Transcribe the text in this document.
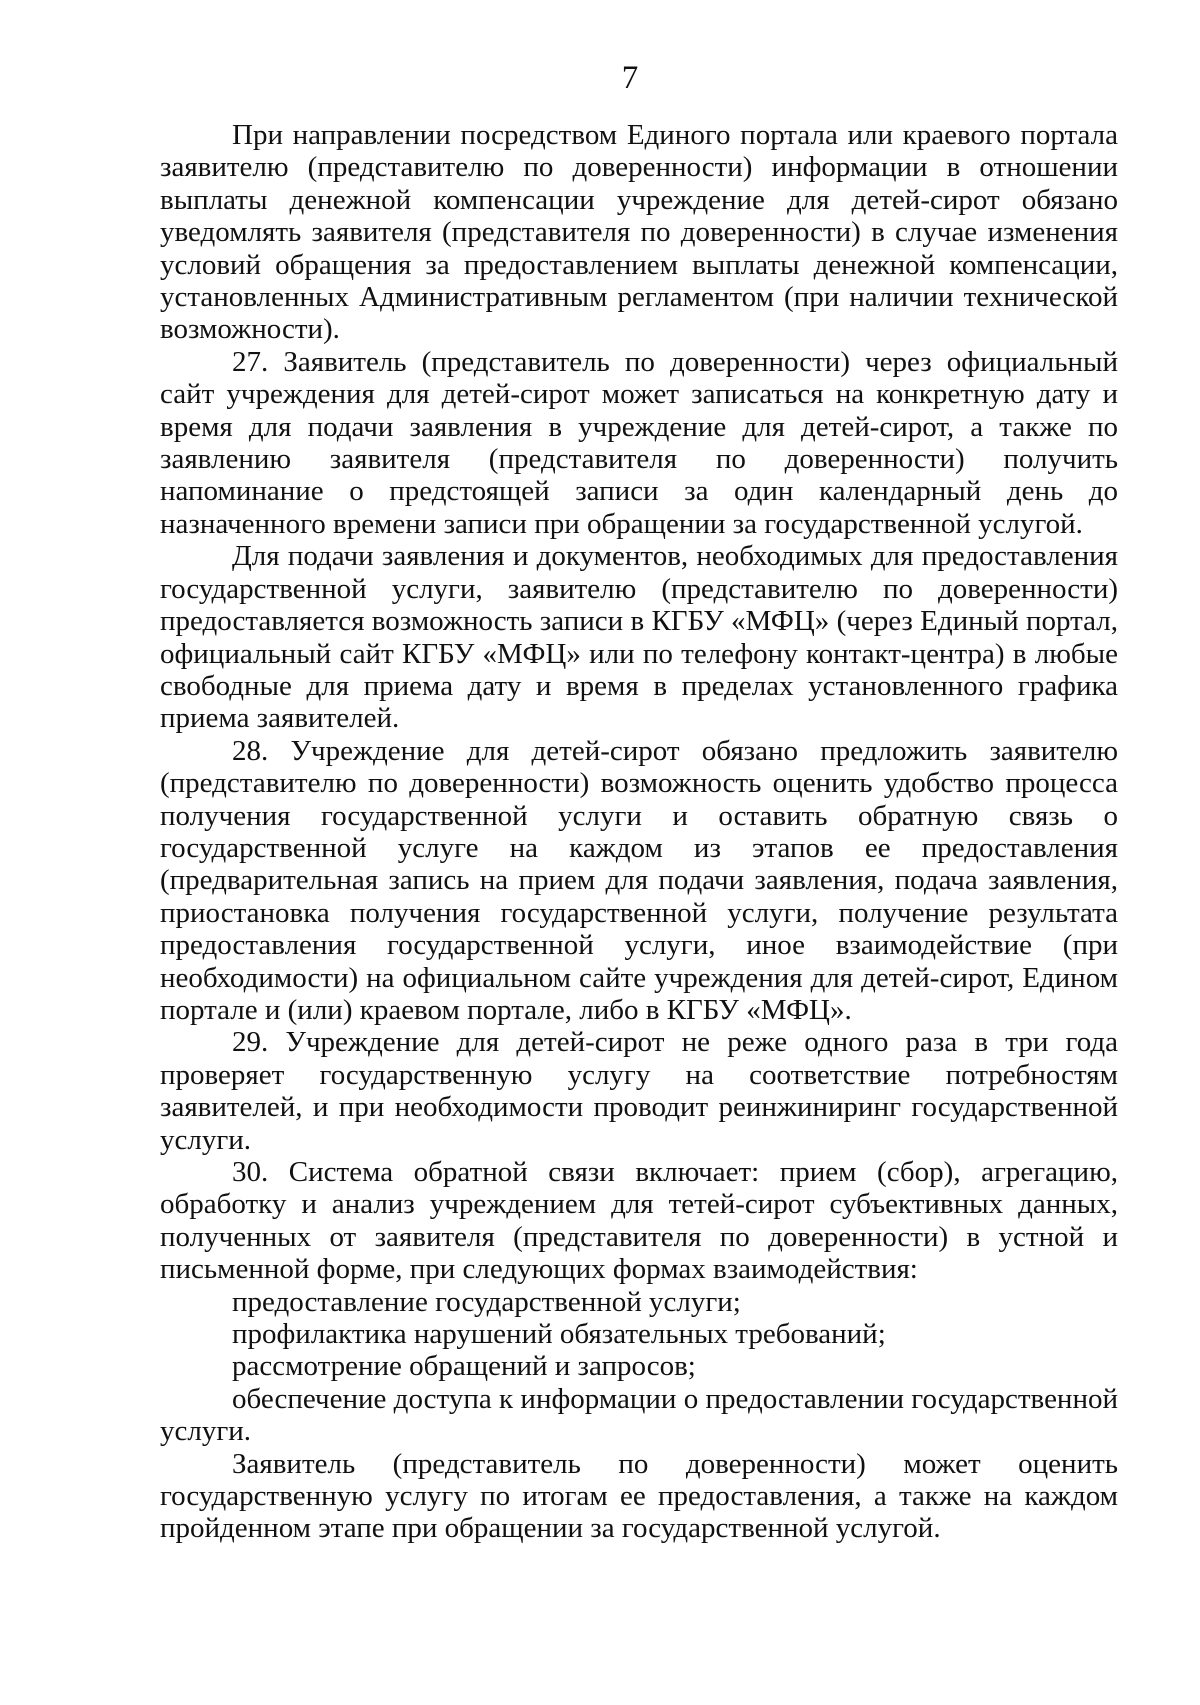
7

При направлении посредством Единого портала или краевого портала заявителю (представителю по доверенности) информации в отношении выплаты денежной компенсации учреждение для детей-сирот обязано уведомлять заявителя (представителя по доверенности) в случае изменения условий обращения за предоставлением выплаты денежной компенсации, установленных Административным регламентом (при наличии технической возможности).

27. Заявитель (представитель по доверенности) через официальный сайт учреждения для детей-сирот может записаться на конкретную дату и время для подачи заявления в учреждение для детей-сирот, а также по заявлению заявителя (представителя по доверенности) получить напоминание о предстоящей записи за один календарный день до назначенного времени записи при обращении за государственной услугой.

Для подачи заявления и документов, необходимых для предоставления государственной услуги, заявителю (представителю по доверенности) предоставляется возможность записи в КГБУ «МФЦ» (через Единый портал, официальный сайт КГБУ «МФЦ» или по телефону контакт-центра) в любые свободные для приема дату и время в пределах установленного графика приема заявителей.

28. Учреждение для детей-сирот обязано предложить заявителю (представителю по доверенности) возможность оценить удобство процесса получения государственной услуги и оставить обратную связь о государственной услуге на каждом из этапов ее предоставления (предварительная запись на прием для подачи заявления, подача заявления, приостановка получения государственной услуги, получение результата предоставления государственной услуги, иное взаимодействие (при необходимости) на официальном сайте учреждения для детей-сирот, Едином портале и (или) краевом портале, либо в КГБУ «МФЦ».

29. Учреждение для детей-сирот не реже одного раза в три года проверяет государственную услугу на соответствие потребностям заявителей, и при необходимости проводит реинжиниринг государственной услуги.

30. Система обратной связи включает: прием (сбор), агрегацию, обработку и анализ учреждением для тетей-сирот субъективных данных, полученных от заявителя (представителя по доверенности) в устной и письменной форме, при следующих формах взаимодействия:

предоставление государственной услуги;

профилактика нарушений обязательных требований;

рассмотрение обращений и запросов;

обеспечение доступа к информации о предоставлении государственной услуги.

Заявитель (представитель по доверенности) может оценить государственную услугу по итогам ее предоставления, а также на каждом пройденном этапе при обращении за государственной услугой.
